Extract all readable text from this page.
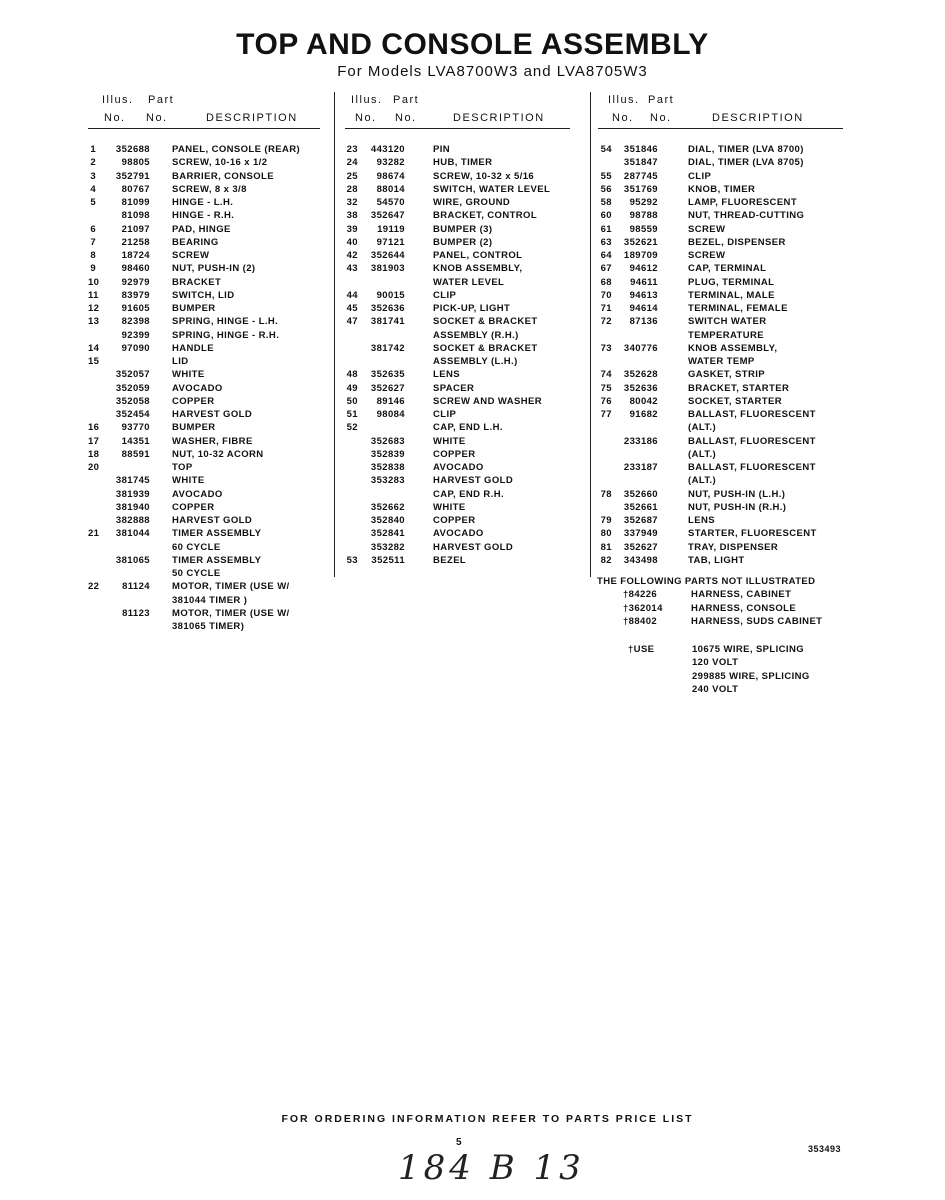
TOP AND CONSOLE ASSEMBLY
For Models LVA8700W3 and LVA8705W3
Illus. Part
No. No.	DESCRIPTION
1	352688 PANEL, CONSOLE (REAR)
2	98805 SCREW, 10-16 x 1/2
3	352791 BARRIER, CONSOLE
4	80767 SCREW, 8 x 3/8
5	81099 HINGE - L.H.
81098 HINGE - R.H.
6	21097 PAD, HINGE
7	21258 BEARING
8	18724 SCREW
9	98460 NUT, PUSH-IN (2)
10	92979 BRACKET
11	83979 SWITCH, LID
12	91605 BUMPER
13	82398 SPRING, HINGE - L.H.
92399 SPRING, HINGE - R.H.
14	97090 HANDLE
15	LID
352057 WHITE
352059 AVOCADO
352058 COPPER
352454 HARVEST GOLD
16	93770 BUMPER
17	14351 WASHER, FIBRE
18	88591 NUT, 10-32 ACORN
20	TOP
381745 WHITE
381939 AVOCADO
381940 COPPER
382888 HARVEST GOLD
21	381044 TIMER ASSEMBLY
60 CYCLE
381065 TIMER ASSEMBLY
50 CYCLE
22	81124 MOTOR, TIMER (USE W/
381044 TIMER )
81123 MOTOR, TIMER (USE W/
381065 TIMER)
Illus. Part
No. No.	DESCRIPTION
23	443120	PIN
24	93282	HUB, TIMER
25	98674	SCREW, 10-32 x 5/16
28	88014	SWITCH, WATER LEVEL
32	54570	WIRE, GROUND
38	352647	BRACKET, CONTROL
39	19119	BUMPER (3)
40	97121	BUMPER (2)
42	352644	PANEL, CONTROL
43	381903	KNOB ASSEMBLY,
WATER LEVEL
44	90015	CLIP
45	352636	PICK-UP, LIGHT
47	381741	SOCKET & BRACKET
ASSEMBLY (R.H.)
381742	SOCKET & BRACKET
ASSEMBLY (L.H.)
48	352635	LENS
49	352627	SPACER
50	89146	SCREW AND WASHER
51	98084	CLIP
52	CAP, END L.H.
352683	WHITE
352839	COPPER
352838	AVOCADO
353283	HARVEST GOLD
CAP, END R.H.
352662	WHITE
352840	COPPER
352841	AVOCADO
353282	HARVEST GOLD
53	352511	BEZEL
Illus. Part
No. No.	DESCRIPTION
54	351846	DIAL, TIMER (LVA 8700)
351847	DIAL, TIMER (LVA 8705)
55	287745	CLIP
56	351769	KNOB, TIMER
58	95292	LAMP, FLUORESCENT
60	98788	NUT, THREAD-CUTTING
61	98559	SCREW
63	352621	BEZEL, DISPENSER
64	189709	SCREW
67	94612	CAP, TERMINAL
68	94611	PLUG, TERMINAL
70	94613	TERMINAL, MALE
71	94614	TERMINAL, FEMALE
72	87136	SWITCH WATER
TEMPERATURE
73	340776	KNOB ASSEMBLY,
WATER TEMP
74	352628	GASKET, STRIP
75	352636	BRACKET, STARTER
76	80042	SOCKET, STARTER
77	91682	BALLAST, FLUORESCENT
(ALT.)
233186	BALLAST, FLUORESCENT
(ALT.)
233187	BALLAST, FLUORESCENT
(ALT.)
78	352660	NUT, PUSH-IN (L.H.)
352661	NUT, PUSH-IN (R.H.)
79	352687	LENS
80	337949	STARTER, FLUORESCENT
81	352627	TRAY, DISPENSER
82	343498	TAB, LIGHT
THE FOLLOWING PARTS NOT ILLUSTRATED
†84226	HARNESS, CABINET
†362014	HARNESS, CONSOLE
†88402	HARNESS, SUDS CABINET
†USE	10675 WIRE, SPLICING
120 VOLT
299885 WIRE, SPLICING
240 VOLT
FOR ORDERING INFORMATION REFER TO PARTS PRICE LIST
5
353493
184 B 13
